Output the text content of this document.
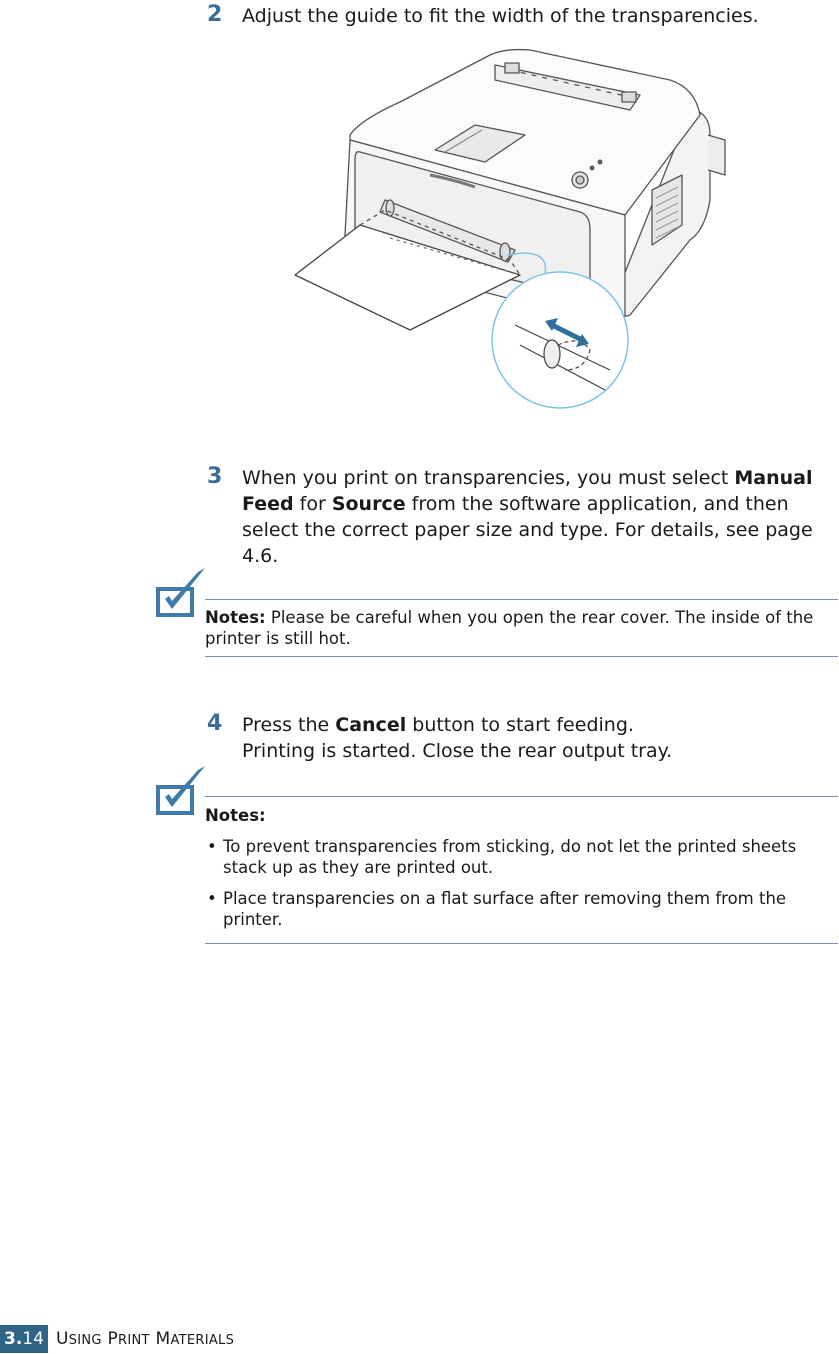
2 Adjust the guide to fit the width of the transparencies.
3 When you print on transparencies, you must select Manual Feed for Source from the software application, and then select the correct paper size and type. For details, see page 4.6.
Notes: Please be careful when you open the rear cover. The inside of the printer is still hot.
4 Press the Cancel button to start feeding.
Printing is started. Close the rear output tray.
Notes:
• To prevent transparencies from sticking, do not let the printed sheets stack up as they are printed out.
• Place transparencies on a flat surface after removing them from the printer.
3. 14 USING PRINT MATERIALS
